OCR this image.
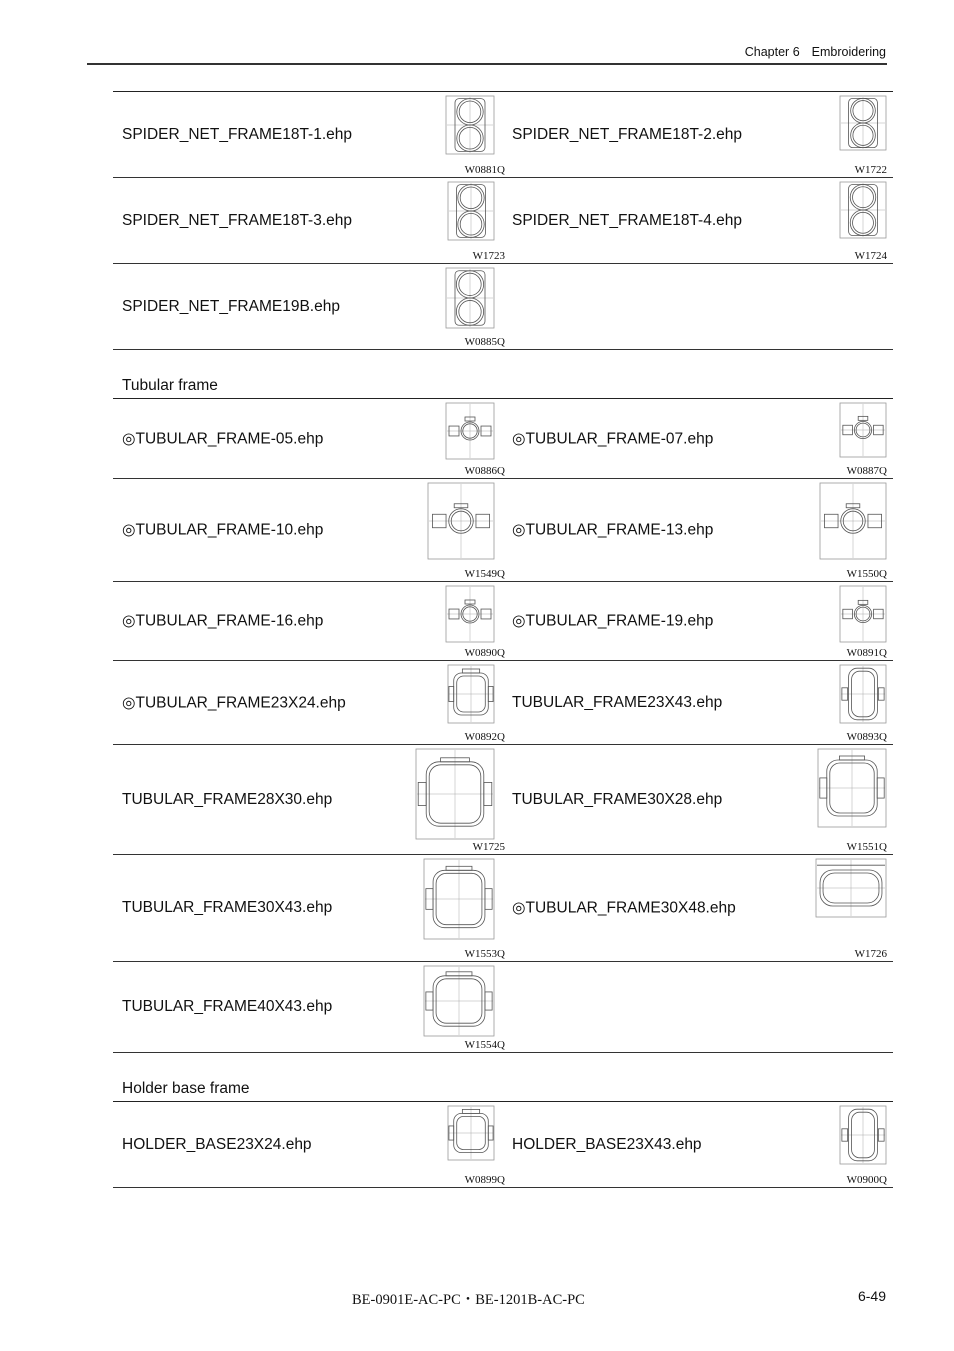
Chapter 6 Embroidering
SPIDER_NET_FRAME18T-1.ehp
W0881Q
SPIDER_NET_FRAME18T-2.ehp
W1722
SPIDER_NET_FRAME18T-3.ehp
W1723
SPIDER_NET_FRAME18T-4.ehp
W1724
SPIDER_NET_FRAME19B.ehp
W0885Q
Tubular frame
◎TUBULAR_FRAME-05.ehp
W0886Q
◎TUBULAR_FRAME-07.ehp
W0887Q
◎TUBULAR_FRAME-10.ehp
W1549Q
◎TUBULAR_FRAME-13.ehp
W1550Q
◎TUBULAR_FRAME-16.ehp
W0890Q
◎TUBULAR_FRAME-19.ehp
W0891Q
◎TUBULAR_FRAME23X24.ehp
W0892Q
TUBULAR_FRAME23X43.ehp
W0893Q
TUBULAR_FRAME28X30.ehp
W1725
TUBULAR_FRAME30X28.ehp
W1551Q
TUBULAR_FRAME30X43.ehp
W1553Q
◎TUBULAR_FRAME30X48.ehp
W1726
TUBULAR_FRAME40X43.ehp
W1554Q
Holder base frame
HOLDER_BASE23X24.ehp
W0899Q
HOLDER_BASE23X43.ehp
W0900Q
BE-0901E-AC-PC・BE-1201B-AC-PC	6-49
